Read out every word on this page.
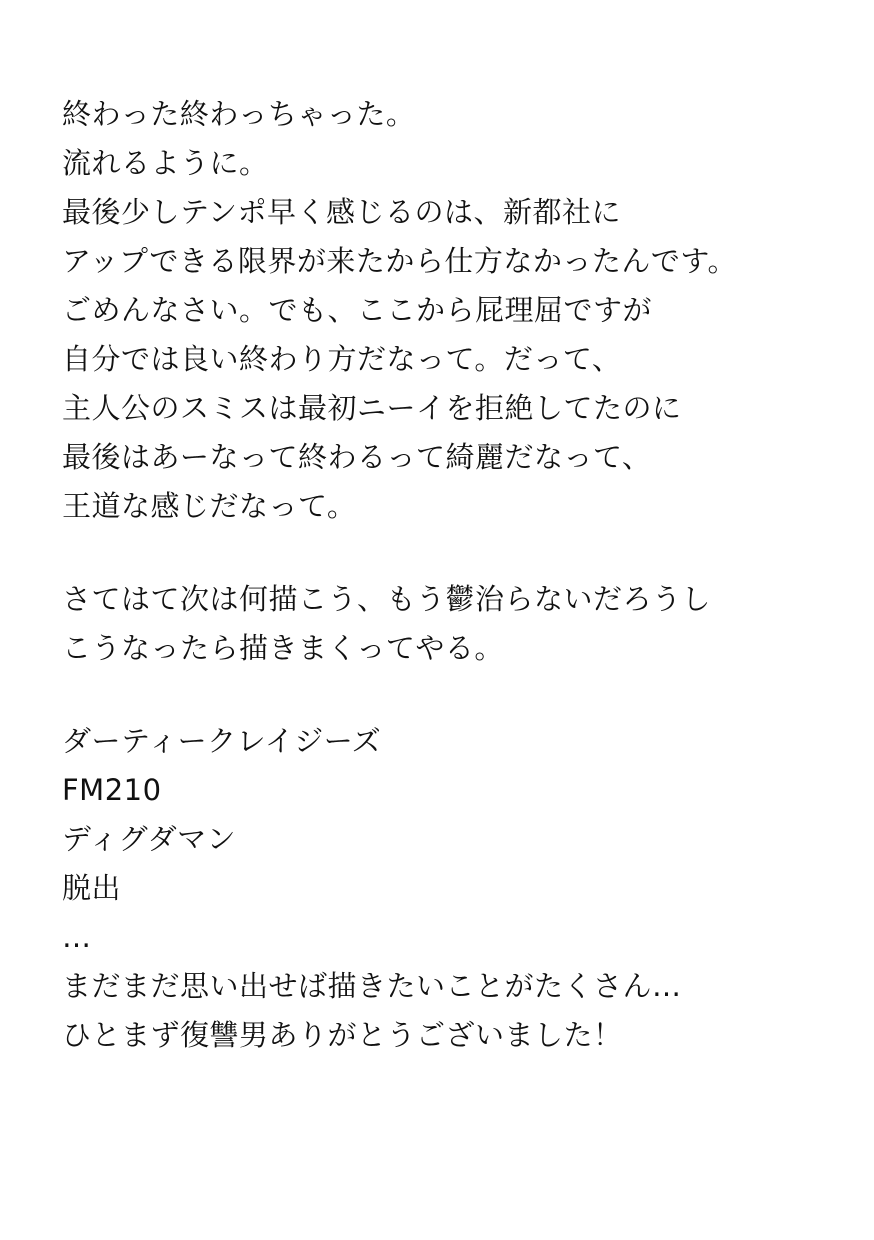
終わった終わっちゃった。
流れるように。
最後少しテンポ早く感じるのは、新都社に
アップできる限界が来たから仕方なかったんです。
ごめんなさい。でも、ここから屁理屈ですが
自分では良い終わり方だなって。だって、
主人公のスミスは最初ニーイを拒絶してたのに
最後はあーなって終わるって綺麗だなって、
王道な感じだなって。
さてはて次は何描こう、もう鬱治らないだろうし
こうなったら描きまくってやる。
ダーティークレイジーズ
FM210
ディグダマン
脱出
…
まだまだ思い出せば描きたいことがたくさん…
ひとまず復讐男ありがとうございました！
